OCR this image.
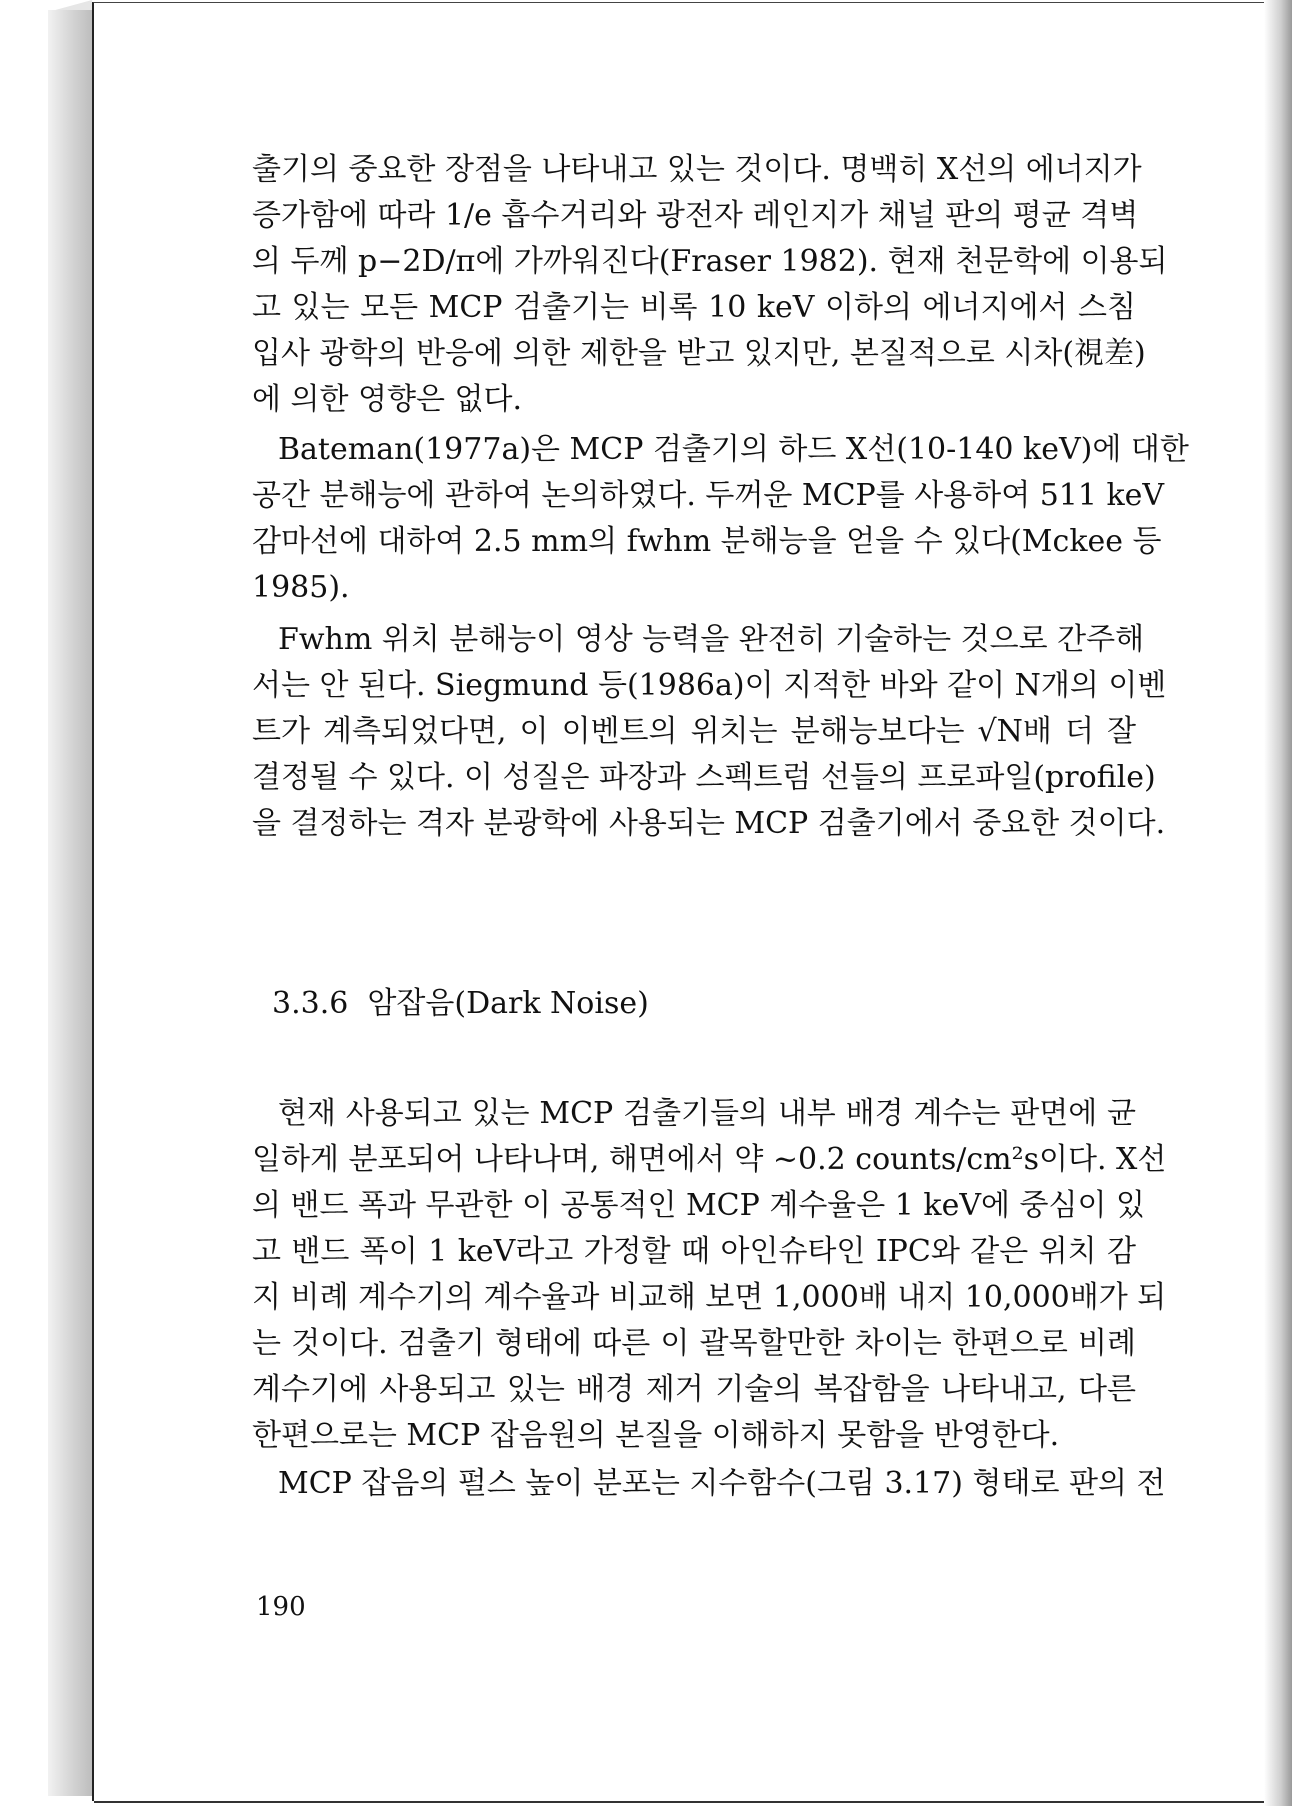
출기의 중요한 장점을 나타내고 있는 것이다. 명백히 X선의 에너지가
증가함에 따라 1/e 흡수거리와 광전자 레인지가 채널 판의 평균 격벽
의 두께 p−2D/π에 가까워진다(Fraser 1982). 현재 천문학에 이용되
고 있는 모든 MCP 검출기는 비록 10 keV 이하의 에너지에서 스침
입사 광학의 반응에 의한 제한을 받고 있지만, 본질적으로 시차(視差)
에 의한 영향은 없다.
Bateman(1977a)은 MCP 검출기의 하드 X선(10-140 keV)에 대한
공간 분해능에 관하여 논의하였다. 두꺼운 MCP를 사용하여 511 keV
감마선에 대하여 2.5 mm의 fwhm 분해능을 얻을 수 있다(Mckee 등
1985).
Fwhm 위치 분해능이 영상 능력을 완전히 기술하는 것으로 간주해
서는 안 된다. Siegmund 등(1986a)이 지적한 바와 같이 N개의 이벤
트가 계측되었다면, 이 이벤트의 위치는 분해능보다는 √N배 더 잘
결정될 수 있다. 이 성질은 파장과 스펙트럼 선들의 프로파일(profile)
을 결정하는 격자 분광학에 사용되는 MCP 검출기에서 중요한 것이다.
현재 사용되고 있는 MCP 검출기들의 내부 배경 계수는 판면에 균
일하게 분포되어 나타나며, 해면에서 약 ~0.2 counts/cm²s이다. X선
의 밴드 폭과 무관한 이 공통적인 MCP 계수율은 1 keV에 중심이 있
고 밴드 폭이 1 keV라고 가정할 때 아인슈타인 IPC와 같은 위치 감
지 비례 계수기의 계수율과 비교해 보면 1,000배 내지 10,000배가 되
는 것이다. 검출기 형태에 따른 이 괄목할만한 차이는 한편으로 비례
계수기에 사용되고 있는 배경 제거 기술의 복잡함을 나타내고, 다른
한편으로는 MCP 잡음원의 본질을 이해하지 못함을 반영한다.
MCP 잡음의 펄스 높이 분포는 지수함수(그림 3.17) 형태로 판의 전
3.3.6 암잡음(Dark Noise)
190
